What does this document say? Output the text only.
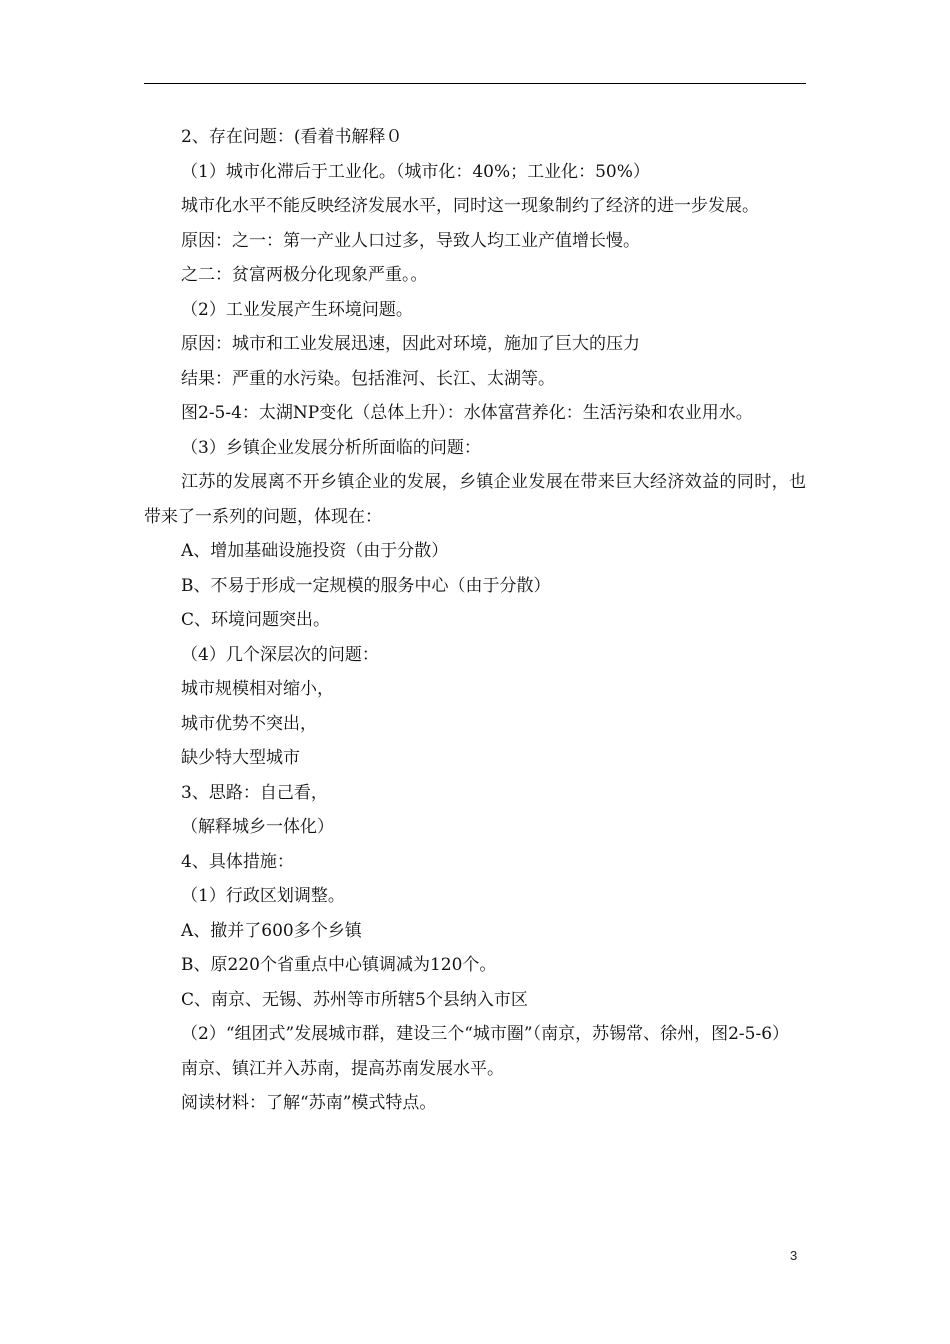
2、存在问题：(看着书解释０

（1）城市化滞后于工业化。（城市化：40%；工业化：50%）

城市化水平不能反映经济发展水平，同时这一现象制约了经济的进一步发展。

原因：之一：第一产业人口过多，导致人均工业产值增长慢。

之二：贫富两极分化现象严重。。

（2）工业发展产生环境问题。

原因：城市和工业发展迅速，因此对环境，施加了巨大的压力

结果：严重的水污染。包括淮河、长江、太湖等。

图2-5-4：太湖NP变化（总体上升）：水体富营养化：生活污染和农业用水。

（3）乡镇企业发展分析所面临的问题：

江苏的发展离不开乡镇企业的发展，乡镇企业发展在带来巨大经济效益的同时，也带来了一系列的问题，体现在：

A、增加基础设施投资（由于分散）

B、不易于形成一定规模的服务中心（由于分散）

C、环境问题突出。

（4）几个深层次的问题：

城市规模相对缩小，

城市优势不突出，

缺少特大型城市

3、思路：自己看，

（解释城乡一体化）

4、具体措施：

（1）行政区划调整。

A、撤并了600多个乡镇

B、原220个省重点中心镇调减为120个。

C、南京、无锡、苏州等市所辖5个县纳入市区

（2）“组团式”发展城市群，建设三个“城市圈”（南京，苏锡常、徐州，图2-5-6）

南京、镇江并入苏南，提高苏南发展水平。

阅读材料：了解“苏南”模式特点。

3
